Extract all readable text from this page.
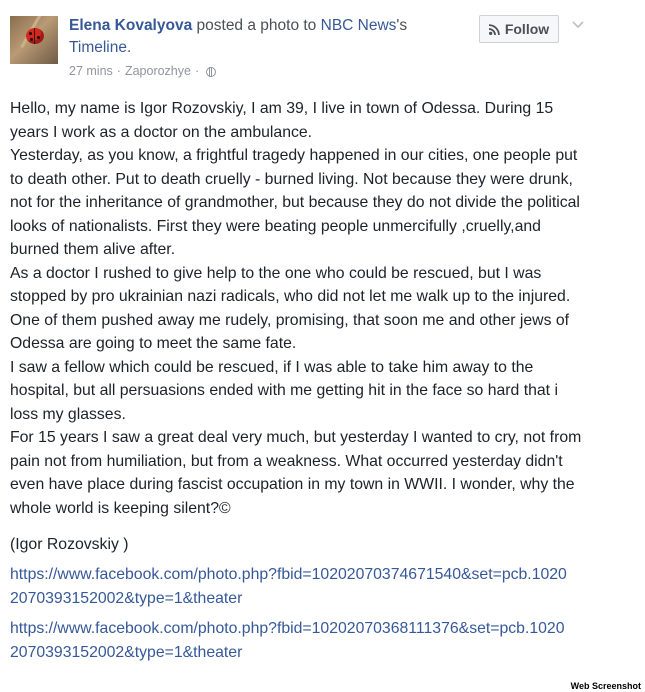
Elena Kovalyova posted a photo to NBC News's Timeline.
27 mins · Zaporozhye ·
Follow

Hello, my name is Igor Rozovskiy, I am 39, I live in town of Odessa. During 15 years I work as a doctor on the ambulance.

Yesterday, as you know, a frightful tragedy happened in our cities, one people put to death other. Put to death cruelly - burned living. Not because they were drunk, not for the inheritance of grandmother, but because they do not divide the political looks of nationalists. First they were beating people unmercifully ,cruelly,and burned them alive after.

As a doctor I rushed to give help to the one who could be rescued, but I was stopped by pro ukrainian nazi radicals, who did not let me walk up to the injured. One of them pushed away me rudely, promising, that soon me and other jews of Odessa are going to meet the same fate.

I saw a fellow which could be rescued, if I was able to take him away to the hospital, but all persuasions ended with me getting hit in the face so hard that i loss my glasses.

For 15 years I saw a great deal very much, but yesterday I wanted to cry, not from pain not from humiliation, but from a weakness. What occurred yesterday didn't even have place during fascist occupation in my town in WWII. I wonder, why the whole world is keeping silent?©

(Igor Rozovskiy )
https://www.facebook.com/photo.php?fbid=10202070374671540&set=pcb.10202070393152002&type=1&theater
https://www.facebook.com/photo.php?fbid=10202070368111376&set=pcb.10202070393152002&type=1&theater
Web Screenshot
